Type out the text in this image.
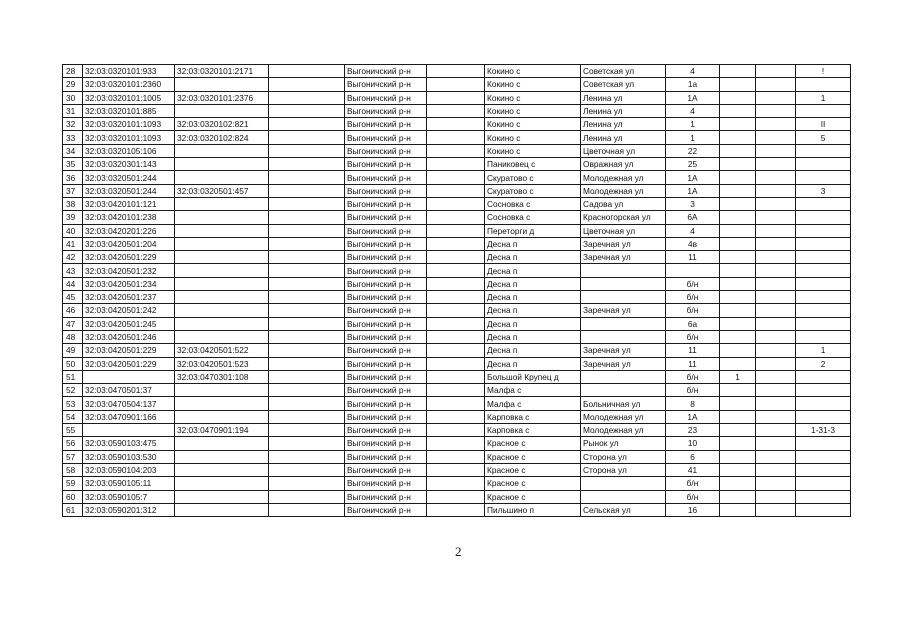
28	32:03:0320101:933	32:03:0320101:2171		Выгоничский р-н		Кокино с	Советская ул	4			!
29	32:03:0320101:2360			Выгоничский р-н		Кокино с	Советская ул	1а			
30	32:03:0320101:1005	32:03:0320101:2376		Выгоничский р-н		Кокино с	Ленина ул	1А			1
31	32:03:0320101:885			Выгоничский р-н		Кокино с	Ленина ул	4			
32	32:03:0320101:1093	32:03:0320102:821		Выгоничский р-н		Кокино с	Ленина ул	1			II
33	32:03:0320101:1093	32:03:0320102:824		Выгоничский р-н		Кокино с	Ленина ул	1			5
34	32:03:0320105:106			Выгоничский р-н		Кокино с	Цветочная ул	22			
35	32:03:0320301:143			Выгоничский р-н		Паниковец с	Овражная ул	25			
36	32:03:0320501:244			Выгоничский р-н		Скуратово с	Молодежная ул	1А			
37	32:03:0320501:244	32:03:0320501:457		Выгоничский р-н		Скуратово с	Молодежная ул	1А			3
38	32:03:0420101:121			Выгоничский р-н		Сосновка с	Садова ул	3			
39	32:03:0420101:238			Выгоничский р-н		Сосновка с	Красногорская ул	6А			
40	32:03:0420201:226			Выгоничский р-н		Переторги д	Цветочная ул	4			
41	32:03:0420501:204			Выгоничский р-н		Десна п	Заречная ул	4в			
42	32:03:0420501:229			Выгоничский р-н		Десна п	Заречная ул	11			
43	32:03:0420501:232			Выгоничский р-н		Десна п					
44	32:03:0420501:234			Выгоничский р-н		Десна п		б/н			
45	32:03:0420501:237			Выгоничский р-н		Десна п		б/н			
46	32:03:0420501:242			Выгоничский р-н		Десна п	Заречная ул	б/н			
47	32:03:0420501:245			Выгоничский р-н		Десна п		6а			
48	32:03:0420501:246			Выгоничский р-н		Десна п		б/н			
49	32:03:0420501:229	32:03:0420501:522		Выгоничский р-н		Десна п	Заречная ул	11			1
50	32:03:0420501:229	32:03:0420501:523		Выгоничский р-н		Десна п	Заречная ул	11			2
51		32:03:0470301:108		Выгоничский р-н		Большой Крупец д		б/н	1		
52	32:03:0470501:37			Выгоничский р-н		Малфа с		б/н			
53	32:03:0470504:137			Выгоничский р-н		Малфа с	Больничная ул	8			
54	32:03:0470901:166			Выгоничский р-н		Карповка с	Молодежная ул	1А			
55		32:03:0470901:194		Выгоничский р-н		Карповка с	Молодежная ул	23			1-31-3
56	32:03:0590103:475			Выгоничский р-н		Красное с	Рынок ул	10			
57	32:03:0590103:530			Выгоничский р-н		Красное с	Сторона ул	6			
58	32:03:0590104:203			Выгоничский р-н		Красное с	Сторона ул	41			
59	32:03:0590105:11			Выгоничский р-н		Красное с		б/н			
60	32:03:0590105:7			Выгоничский р-н		Красное с		б/н			
61	32:03:0590201:312			Выгоничский р-н		Пильшино п	Сельская ул	16			
2
